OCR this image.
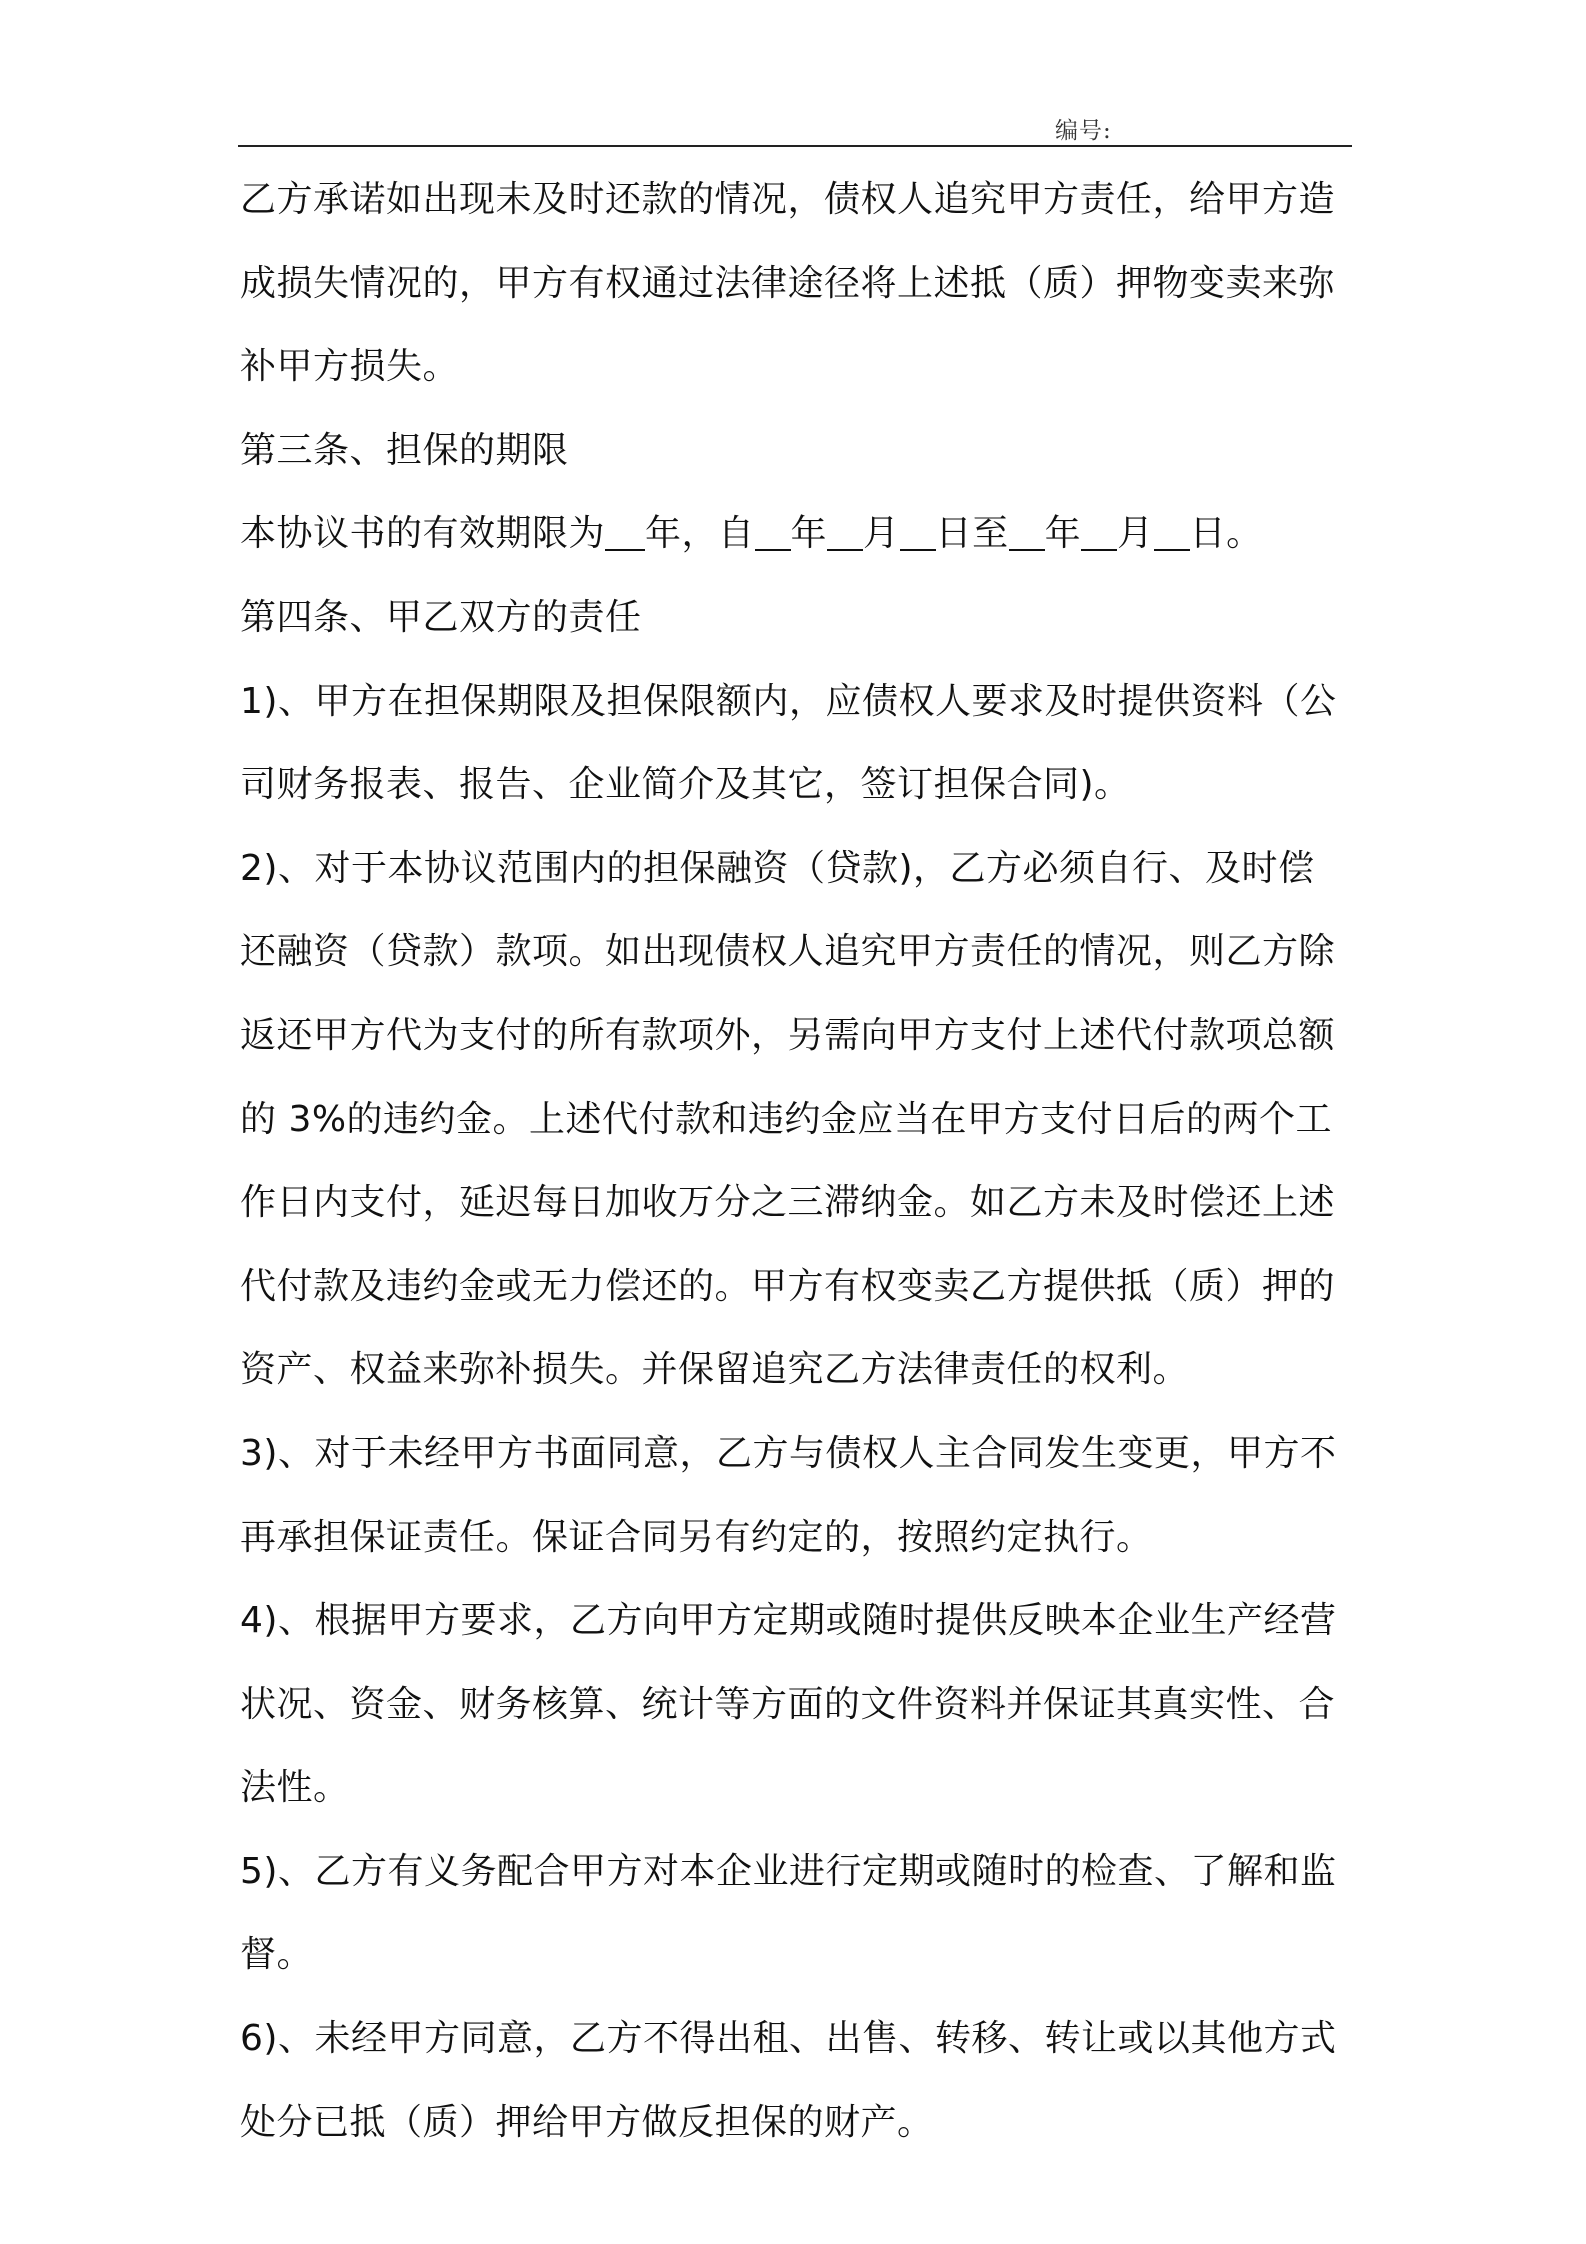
编号:
乙方承诺如出现未及时还款的情况，债权人追究甲方责任，给甲方造
成损失情况的，甲方有权通过法律途径将上述抵（质）押物变卖来弥
补甲方损失。
第三条、担保的期限
本协议书的有效期限为 年，自 年 月 日至 年 月 日。
第四条、甲乙双方的责任
1)、甲方在担保期限及担保限额内，应债权人要求及时提供资料（公
司财务报表、报告、企业简介及其它，签订担保合同)。
2)、对于本协议范围内的担保融资（贷款)，乙方必须自行、及时偿
还融资（贷款）款项。如出现债权人追究甲方责任的情况，则乙方除
返还甲方代为支付的所有款项外，另需向甲方支付上述代付款项总额
的 3%的违约金。上述代付款和违约金应当在甲方支付日后的两个工
作日内支付，延迟每日加收万分之三滞纳金。如乙方未及时偿还上述
代付款及违约金或无力偿还的。甲方有权变卖乙方提供抵（质）押的
资产、权益来弥补损失。并保留追究乙方法律责任的权利。
3)、对于未经甲方书面同意，乙方与债权人主合同发生变更，甲方不
再承担保证责任。保证合同另有约定的，按照约定执行。
4)、根据甲方要求，乙方向甲方定期或随时提供反映本企业生产经营
状况、资金、财务核算、统计等方面的文件资料并保证其真实性、合
法性。
5)、乙方有义务配合甲方对本企业进行定期或随时的检查、了解和监
督。
6)、未经甲方同意，乙方不得出租、出售、转移、转让或以其他方式
处分已抵（质）押给甲方做反担保的财产。
